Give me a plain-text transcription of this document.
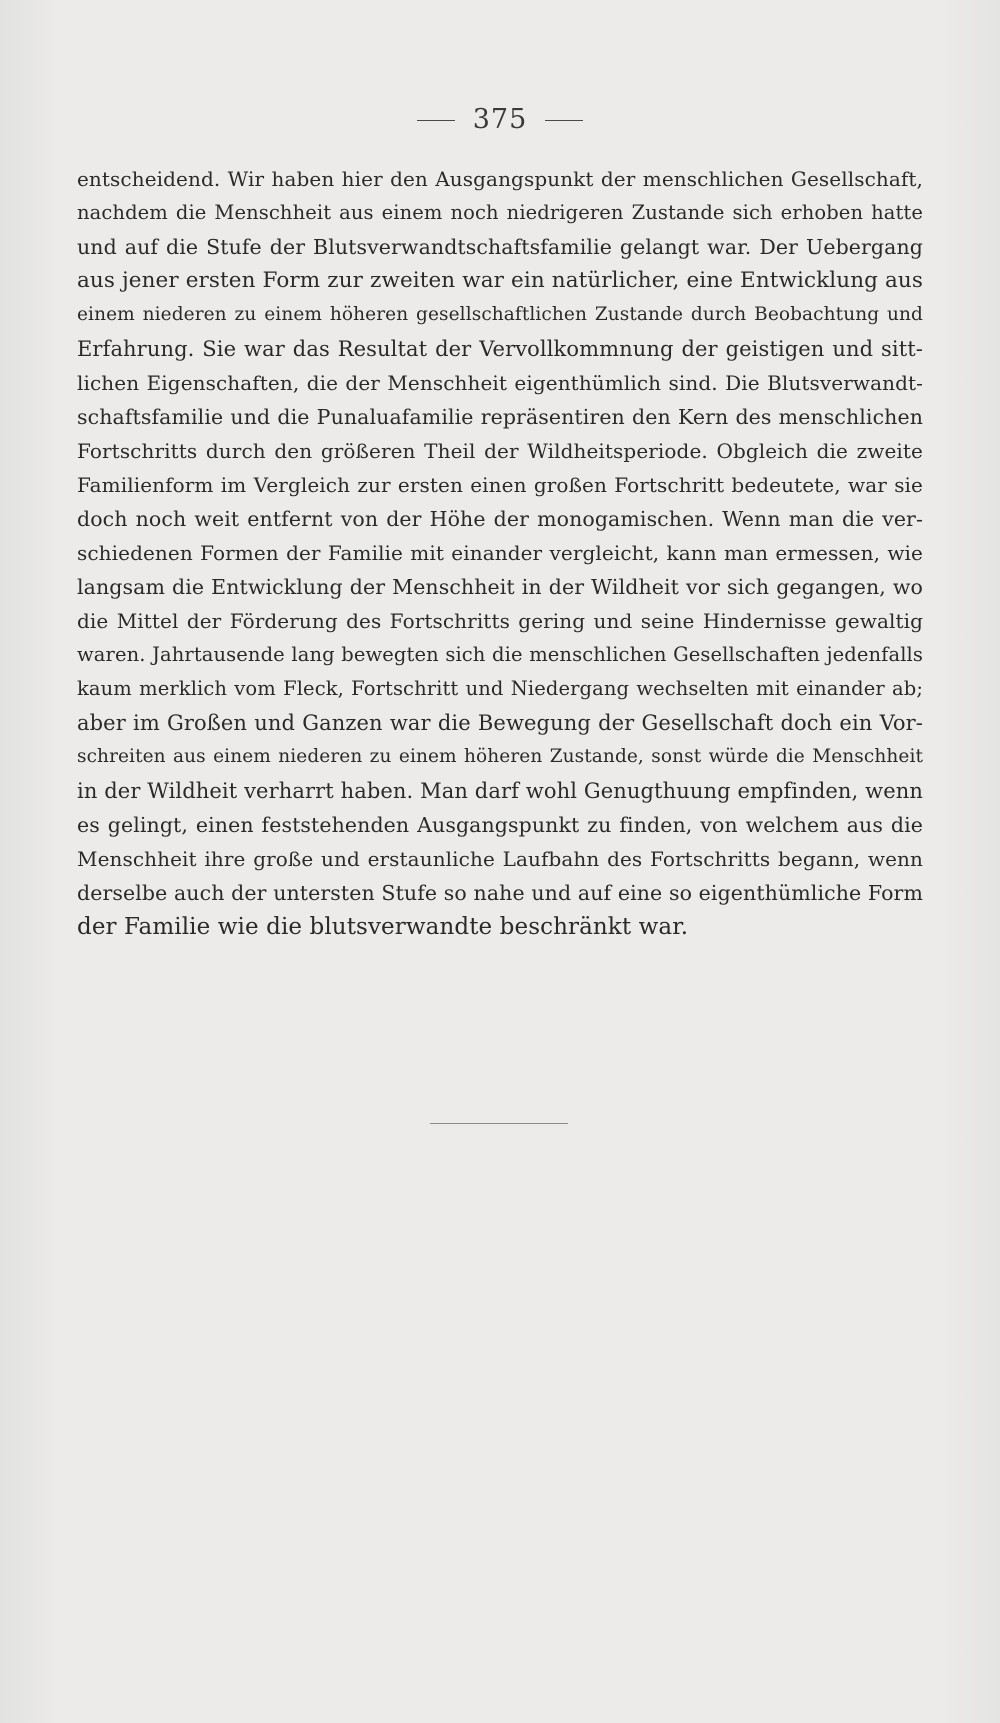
375
entscheidend. Wir haben hier den Ausgangspunkt der menschlichen Gesellschaft,
nachdem die Menschheit aus einem noch niedrigeren Zustande sich erhoben hatte
und auf die Stufe der Blutsverwandtschaftsfamilie gelangt war. Der Uebergang
aus jener ersten Form zur zweiten war ein natürlicher, eine Entwicklung aus
einem niederen zu einem höheren gesellschaftlichen Zustande durch Beobachtung und
Erfahrung. Sie war das Resultat der Vervollkommnung der geistigen und sitt-
lichen Eigenschaften, die der Menschheit eigenthümlich sind. Die Blutsverwandt-
schaftsfamilie und die Punaluafamilie repräsentiren den Kern des menschlichen
Fortschritts durch den größeren Theil der Wildheitsperiode. Obgleich die zweite
Familienform im Vergleich zur ersten einen großen Fortschritt bedeutete, war sie
doch noch weit entfernt von der Höhe der monogamischen. Wenn man die ver-
schiedenen Formen der Familie mit einander vergleicht, kann man ermessen, wie
langsam die Entwicklung der Menschheit in der Wildheit vor sich gegangen, wo
die Mittel der Förderung des Fortschritts gering und seine Hindernisse gewaltig
waren. Jahrtausende lang bewegten sich die menschlichen Gesellschaften jedenfalls
kaum merklich vom Fleck, Fortschritt und Niedergang wechselten mit einander ab;
aber im Großen und Ganzen war die Bewegung der Gesellschaft doch ein Vor-
schreiten aus einem niederen zu einem höheren Zustande, sonst würde die Menschheit
in der Wildheit verharrt haben. Man darf wohl Genugthuung empfinden, wenn
es gelingt, einen feststehenden Ausgangspunkt zu finden, von welchem aus die
Menschheit ihre große und erstaunliche Laufbahn des Fortschritts begann, wenn
derselbe auch der untersten Stufe so nahe und auf eine so eigenthümliche Form
der Familie wie die blutsverwandte beschränkt war.
